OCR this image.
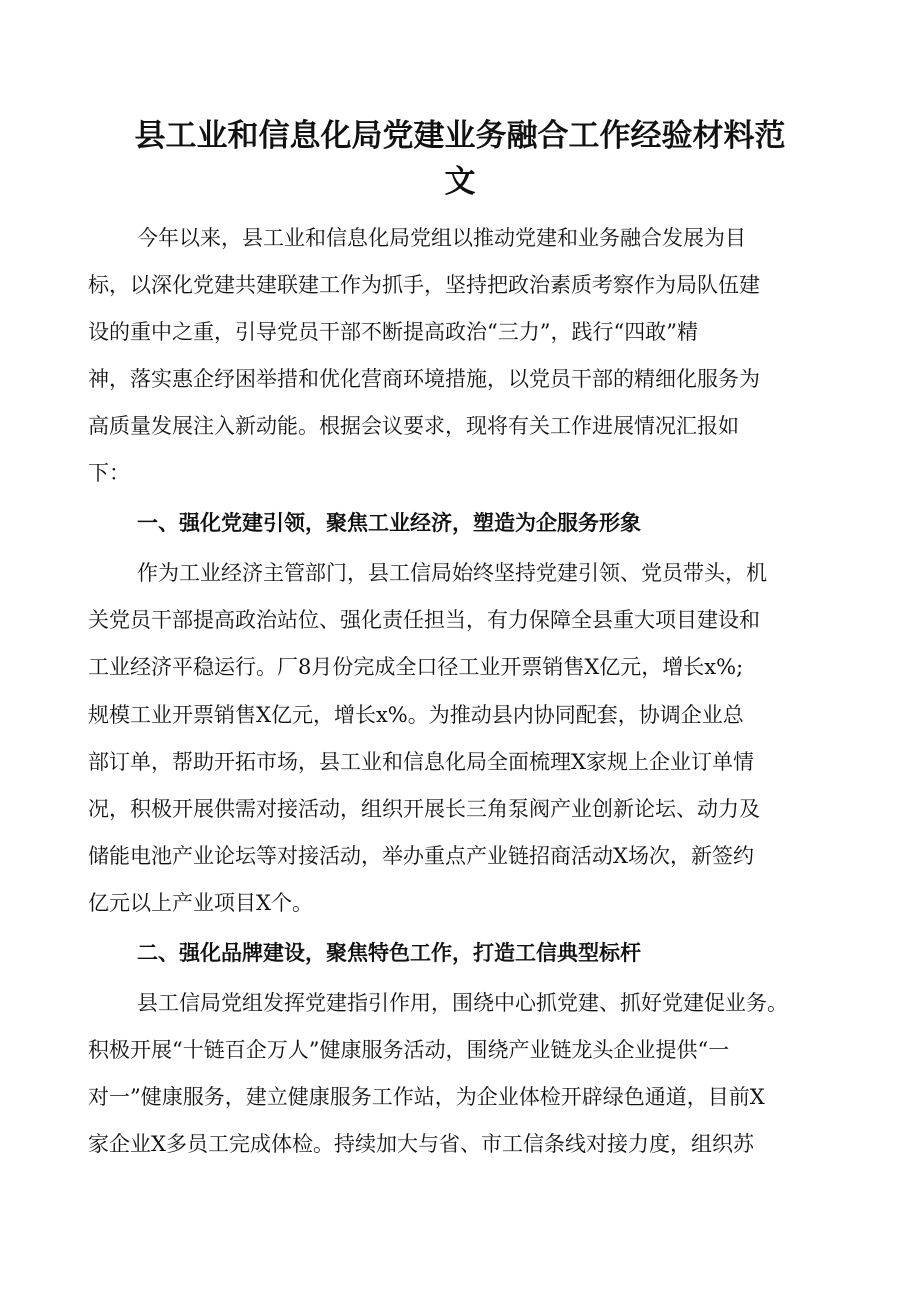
县工业和信息化局党建业务融合工作经验材料范
文

今年以来，县工业和信息化局党组以推动党建和业务融合发展为目

标，以深化党建共建联建工作为抓手，坚持把政治素质考察作为局队伍建

设的重中之重，引导党员干部不断提高政治“三力”，践行“四敢”精

神，落实惠企纾困举措和优化营商环境措施，以党员干部的精细化服务为

高质量发展注入新动能。根据会议要求，现将有关工作进展情况汇报如

下：

一、强化党建引领，聚焦工业经济，塑造为企服务形象

作为工业经济主管部门，县工信局始终坚持党建引领、党员带头，机

关党员干部提高政治站位、强化责任担当，有力保障全县重大项目建设和

工业经济平稳运行。厂8月份完成全口径工业开票销售X亿元，增长x%;

规模工业开票销售X亿元，增长x%。为推动县内协同配套，协调企业总

部订单，帮助开拓市场，县工业和信息化局全面梳理X家规上企业订单情

况，积极开展供需对接活动，组织开展长三角泵阀产业创新论坛、动力及

储能电池产业论坛等对接活动，举办重点产业链招商活动X场次，新签约

亿元以上产业项目X个。

二、强化品牌建设，聚焦特色工作，打造工信典型标杆

县工信局党组发挥党建指引作用，围绕中心抓党建、抓好党建促业务。

积极开展“十链百企万人”健康服务活动，围绕产业链龙头企业提供“一

对一”健康服务，建立健康服务工作站，为企业体检开辟绿色通道，目前X

家企业X多员工完成体检。持续加大与省、市工信条线对接力度，组织苏
